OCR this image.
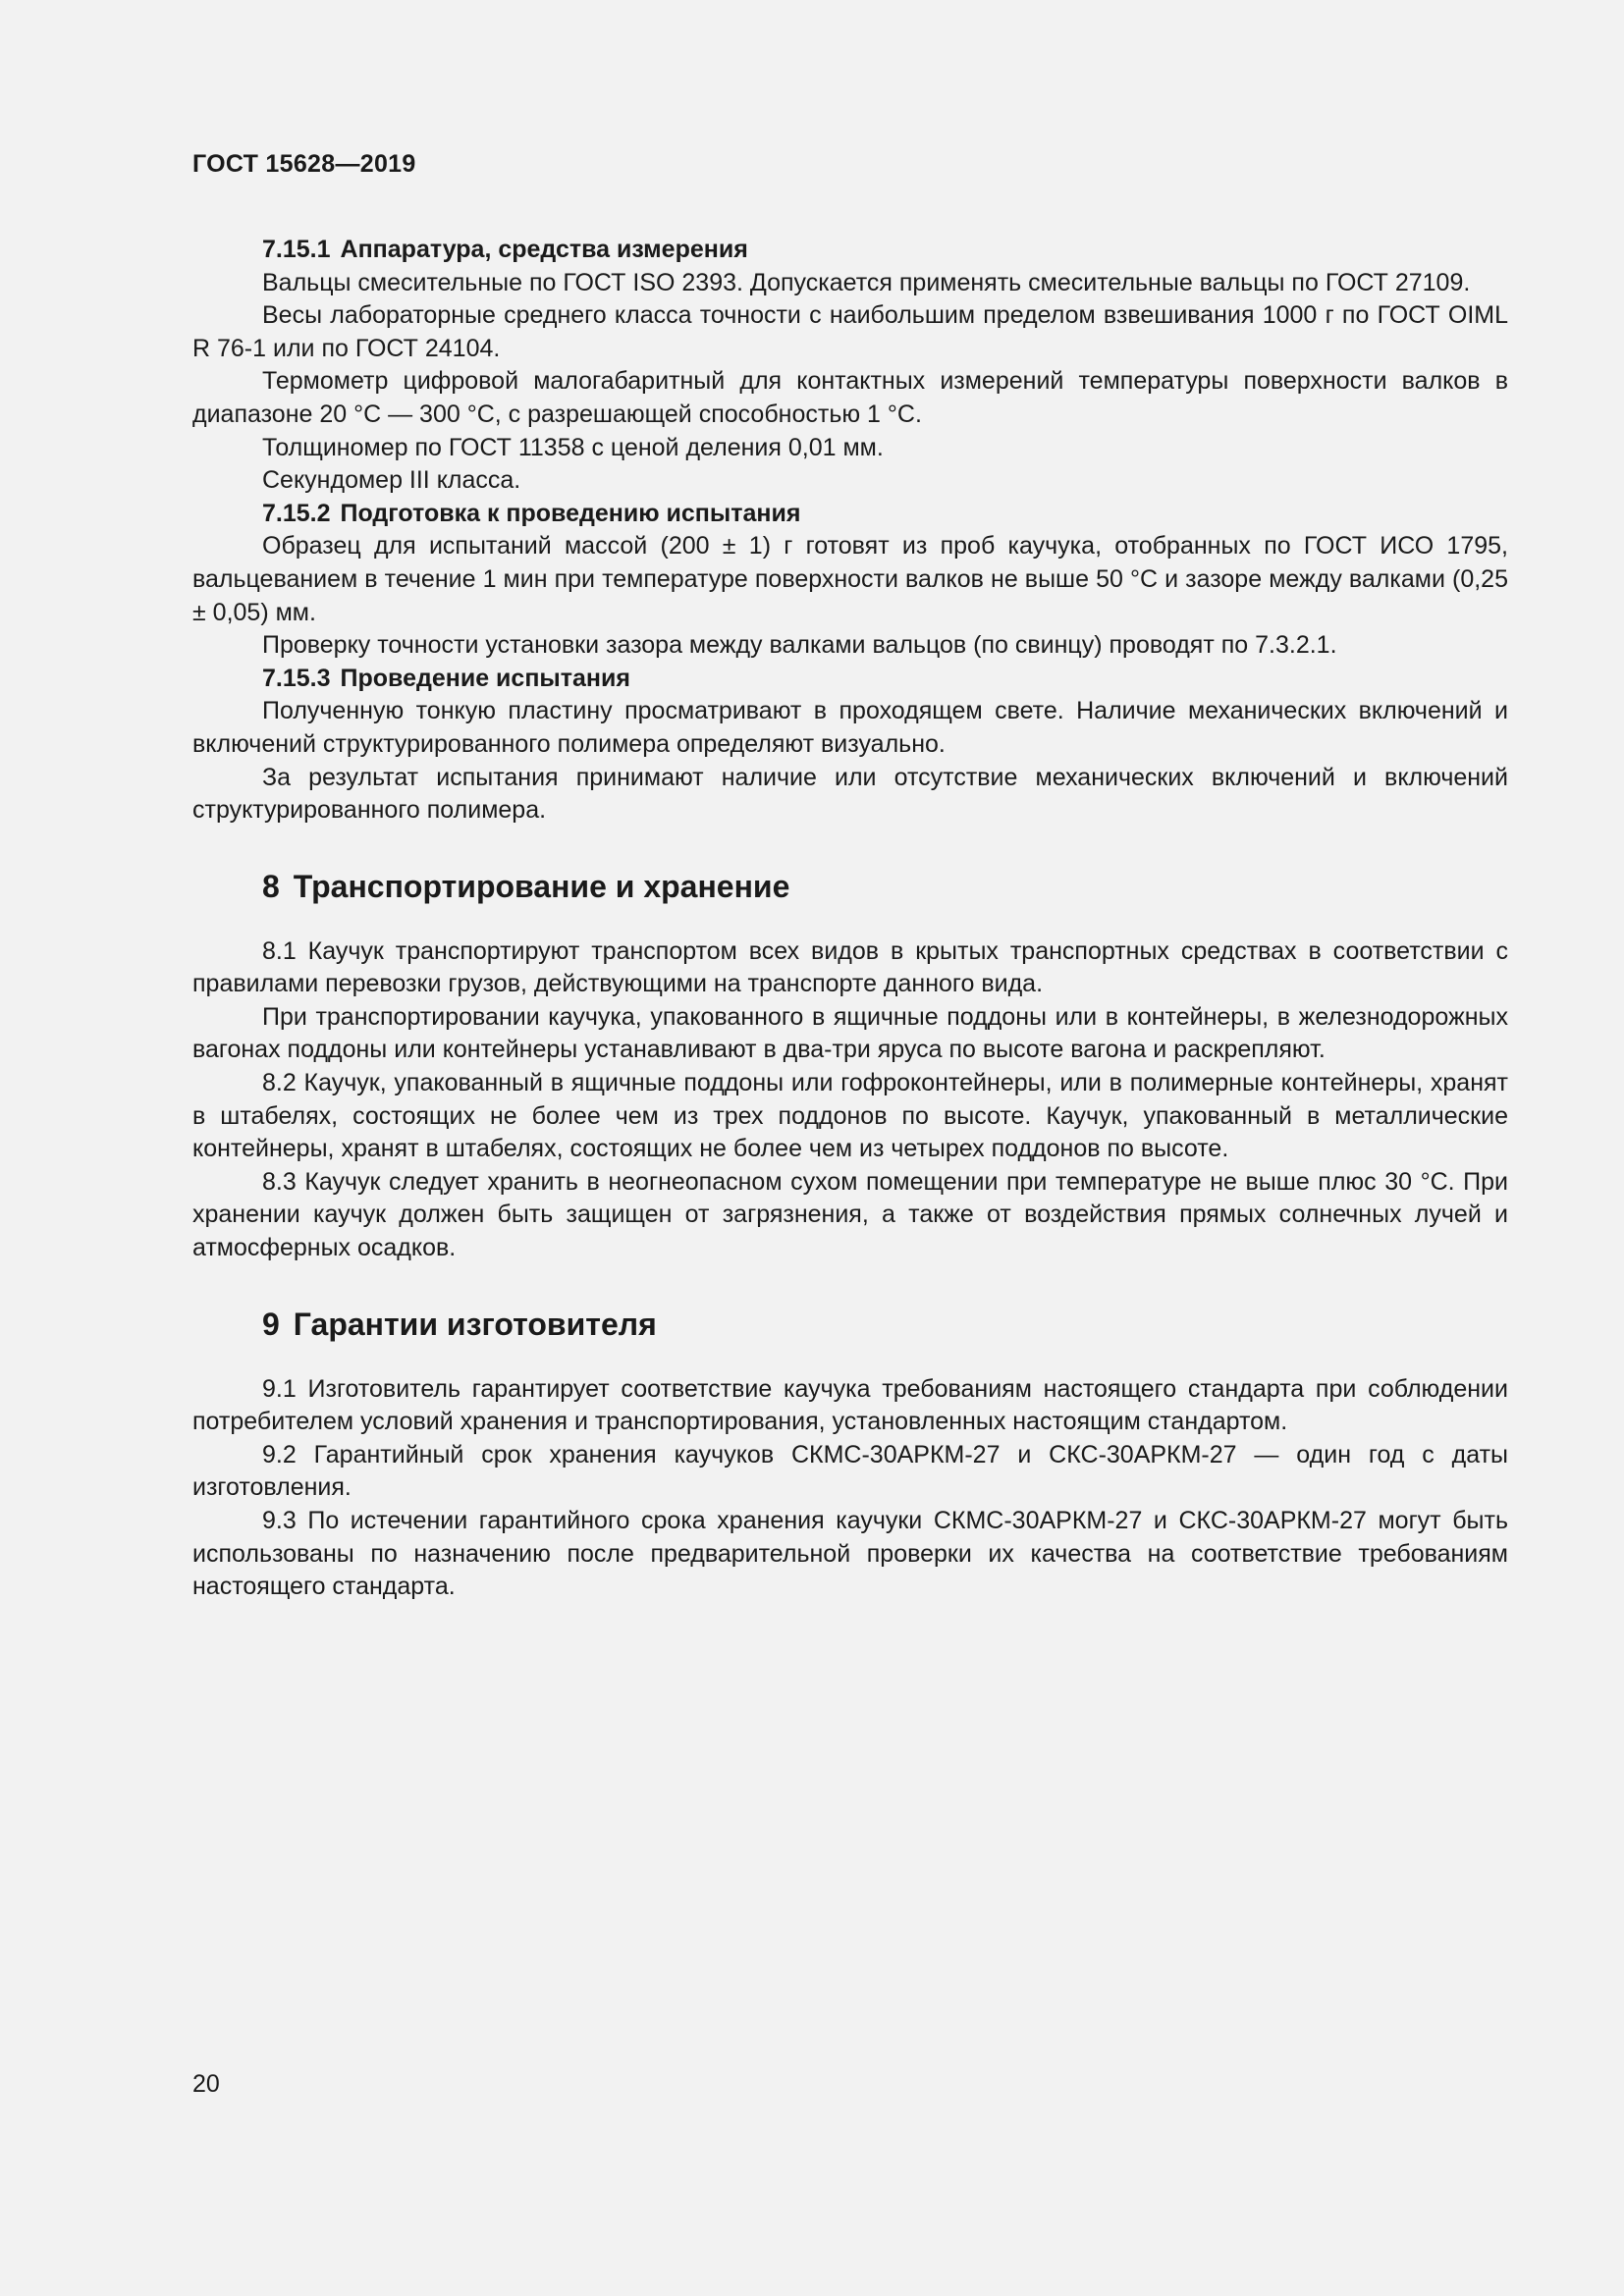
ГОСТ 15628—2019

7.15.1 Аппаратура, средства измерения

Вальцы смесительные по ГОСТ ISO 2393. Допускается применять смесительные вальцы по ГОСТ 27109.

Весы лабораторные среднего класса точности с наибольшим пределом взвешивания 1000 г по ГОСТ OIML R 76-1 или по ГОСТ 24104.

Термометр цифровой малогабаритный для контактных измерений температуры поверхности валков в диапазоне 20 °С — 300 °С, с разрешающей способностью 1 °С.

Толщиномер по ГОСТ 11358 с ценой деления 0,01 мм.

Секундомер III класса.

7.15.2 Подготовка к проведению испытания

Образец для испытаний массой (200 ± 1) г готовят из проб каучука, отобранных по ГОСТ ИСО 1795, вальцеванием в течение 1 мин при температуре поверхности валков не выше 50 °С и зазоре между валками (0,25 ± 0,05) мм.

Проверку точности установки зазора между валками вальцов (по свинцу) проводят по 7.3.2.1.

7.15.3 Проведение испытания

Полученную тонкую пластину просматривают в проходящем свете. Наличие механических включений и включений структурированного полимера определяют визуально.

За результат испытания принимают наличие или отсутствие механических включений и включений структурированного полимера.

8 Транспортирование и хранение

8.1 Каучук транспортируют транспортом всех видов в крытых транспортных средствах в соответствии с правилами перевозки грузов, действующими на транспорте данного вида.

При транспортировании каучука, упакованного в ящичные поддоны или в контейнеры, в железнодорожных вагонах поддоны или контейнеры устанавливают в два-три яруса по высоте вагона и раскрепляют.

8.2 Каучук, упакованный в ящичные поддоны или гофроконтейнеры, или в полимерные контейнеры, хранят в штабелях, состоящих не более чем из трех поддонов по высоте. Каучук, упакованный в металлические контейнеры, хранят в штабелях, состоящих не более чем из четырех поддонов по высоте.

8.3 Каучук следует хранить в неогнеопасном сухом помещении при температуре не выше плюс 30 °С. При хранении каучук должен быть защищен от загрязнения, а также от воздействия прямых солнечных лучей и атмосферных осадков.

9 Гарантии изготовителя

9.1 Изготовитель гарантирует соответствие каучука требованиям настоящего стандарта при соблюдении потребителем условий хранения и транспортирования, установленных настоящим стандартом.

9.2 Гарантийный срок хранения каучуков СКМС-30АРКМ-27 и СКС-30АРКМ-27 — один год с даты изготовления.

9.3 По истечении гарантийного срока хранения каучуки СКМС-30АРКМ-27 и СКС-30АРКМ-27 могут быть использованы по назначению после предварительной проверки их качества на соответствие требованиям настоящего стандарта.

20
